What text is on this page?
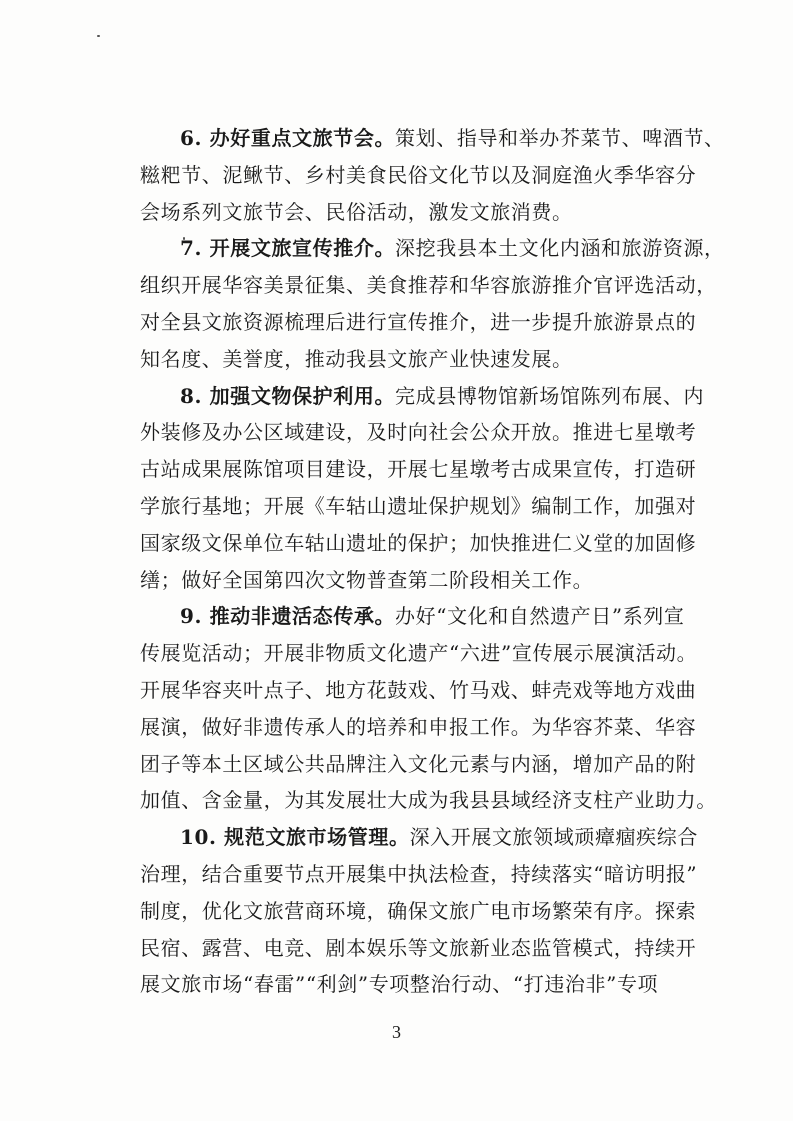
6. 办好重点文旅节会。策划、指导和举办芥菜节、啤酒节、
糍粑节、泥鳅节、乡村美食民俗文化节以及洞庭渔火季华容分
会场系列文旅节会、民俗活动，激发文旅消费。
7. 开展文旅宣传推介。深挖我县本土文化内涵和旅游资源，
组织开展华容美景征集、美食推荐和华容旅游推介官评选活动，
对全县文旅资源梳理后进行宣传推介，进一步提升旅游景点的
知名度、美誉度，推动我县文旅产业快速发展。
8. 加强文物保护利用。完成县博物馆新场馆陈列布展、内
外装修及办公区域建设，及时向社会公众开放。推进七星墩考
古站成果展陈馆项目建设，开展七星墩考古成果宣传，打造研
学旅行基地；开展《车轱山遗址保护规划》编制工作，加强对
国家级文保单位车轱山遗址的保护；加快推进仁义堂的加固修
缮；做好全国第四次文物普查第二阶段相关工作。
9. 推动非遗活态传承。办好“文化和自然遗产日”系列宣
传展览活动；开展非物质文化遗产“六进”宣传展示展演活动。
开展华容夹叶点子、地方花鼓戏、竹马戏、蚌壳戏等地方戏曲
展演，做好非遗传承人的培养和申报工作。为华容芥菜、华容
团子等本土区域公共品牌注入文化元素与内涵，增加产品的附
加值、含金量，为其发展壮大成为我县县域经济支柱产业助力。
10. 规范文旅市场管理。深入开展文旅领域顽瘴痼疾综合
治理，结合重要节点开展集中执法检查，持续落实“暗访明报”
制度，优化文旅营商环境，确保文旅广电市场繁荣有序。探索
民宿、露营、电竞、剧本娱乐等文旅新业态监管模式，持续开
展文旅市场“春雷”“利剑”专项整治行动、“打违治非”专项
3
